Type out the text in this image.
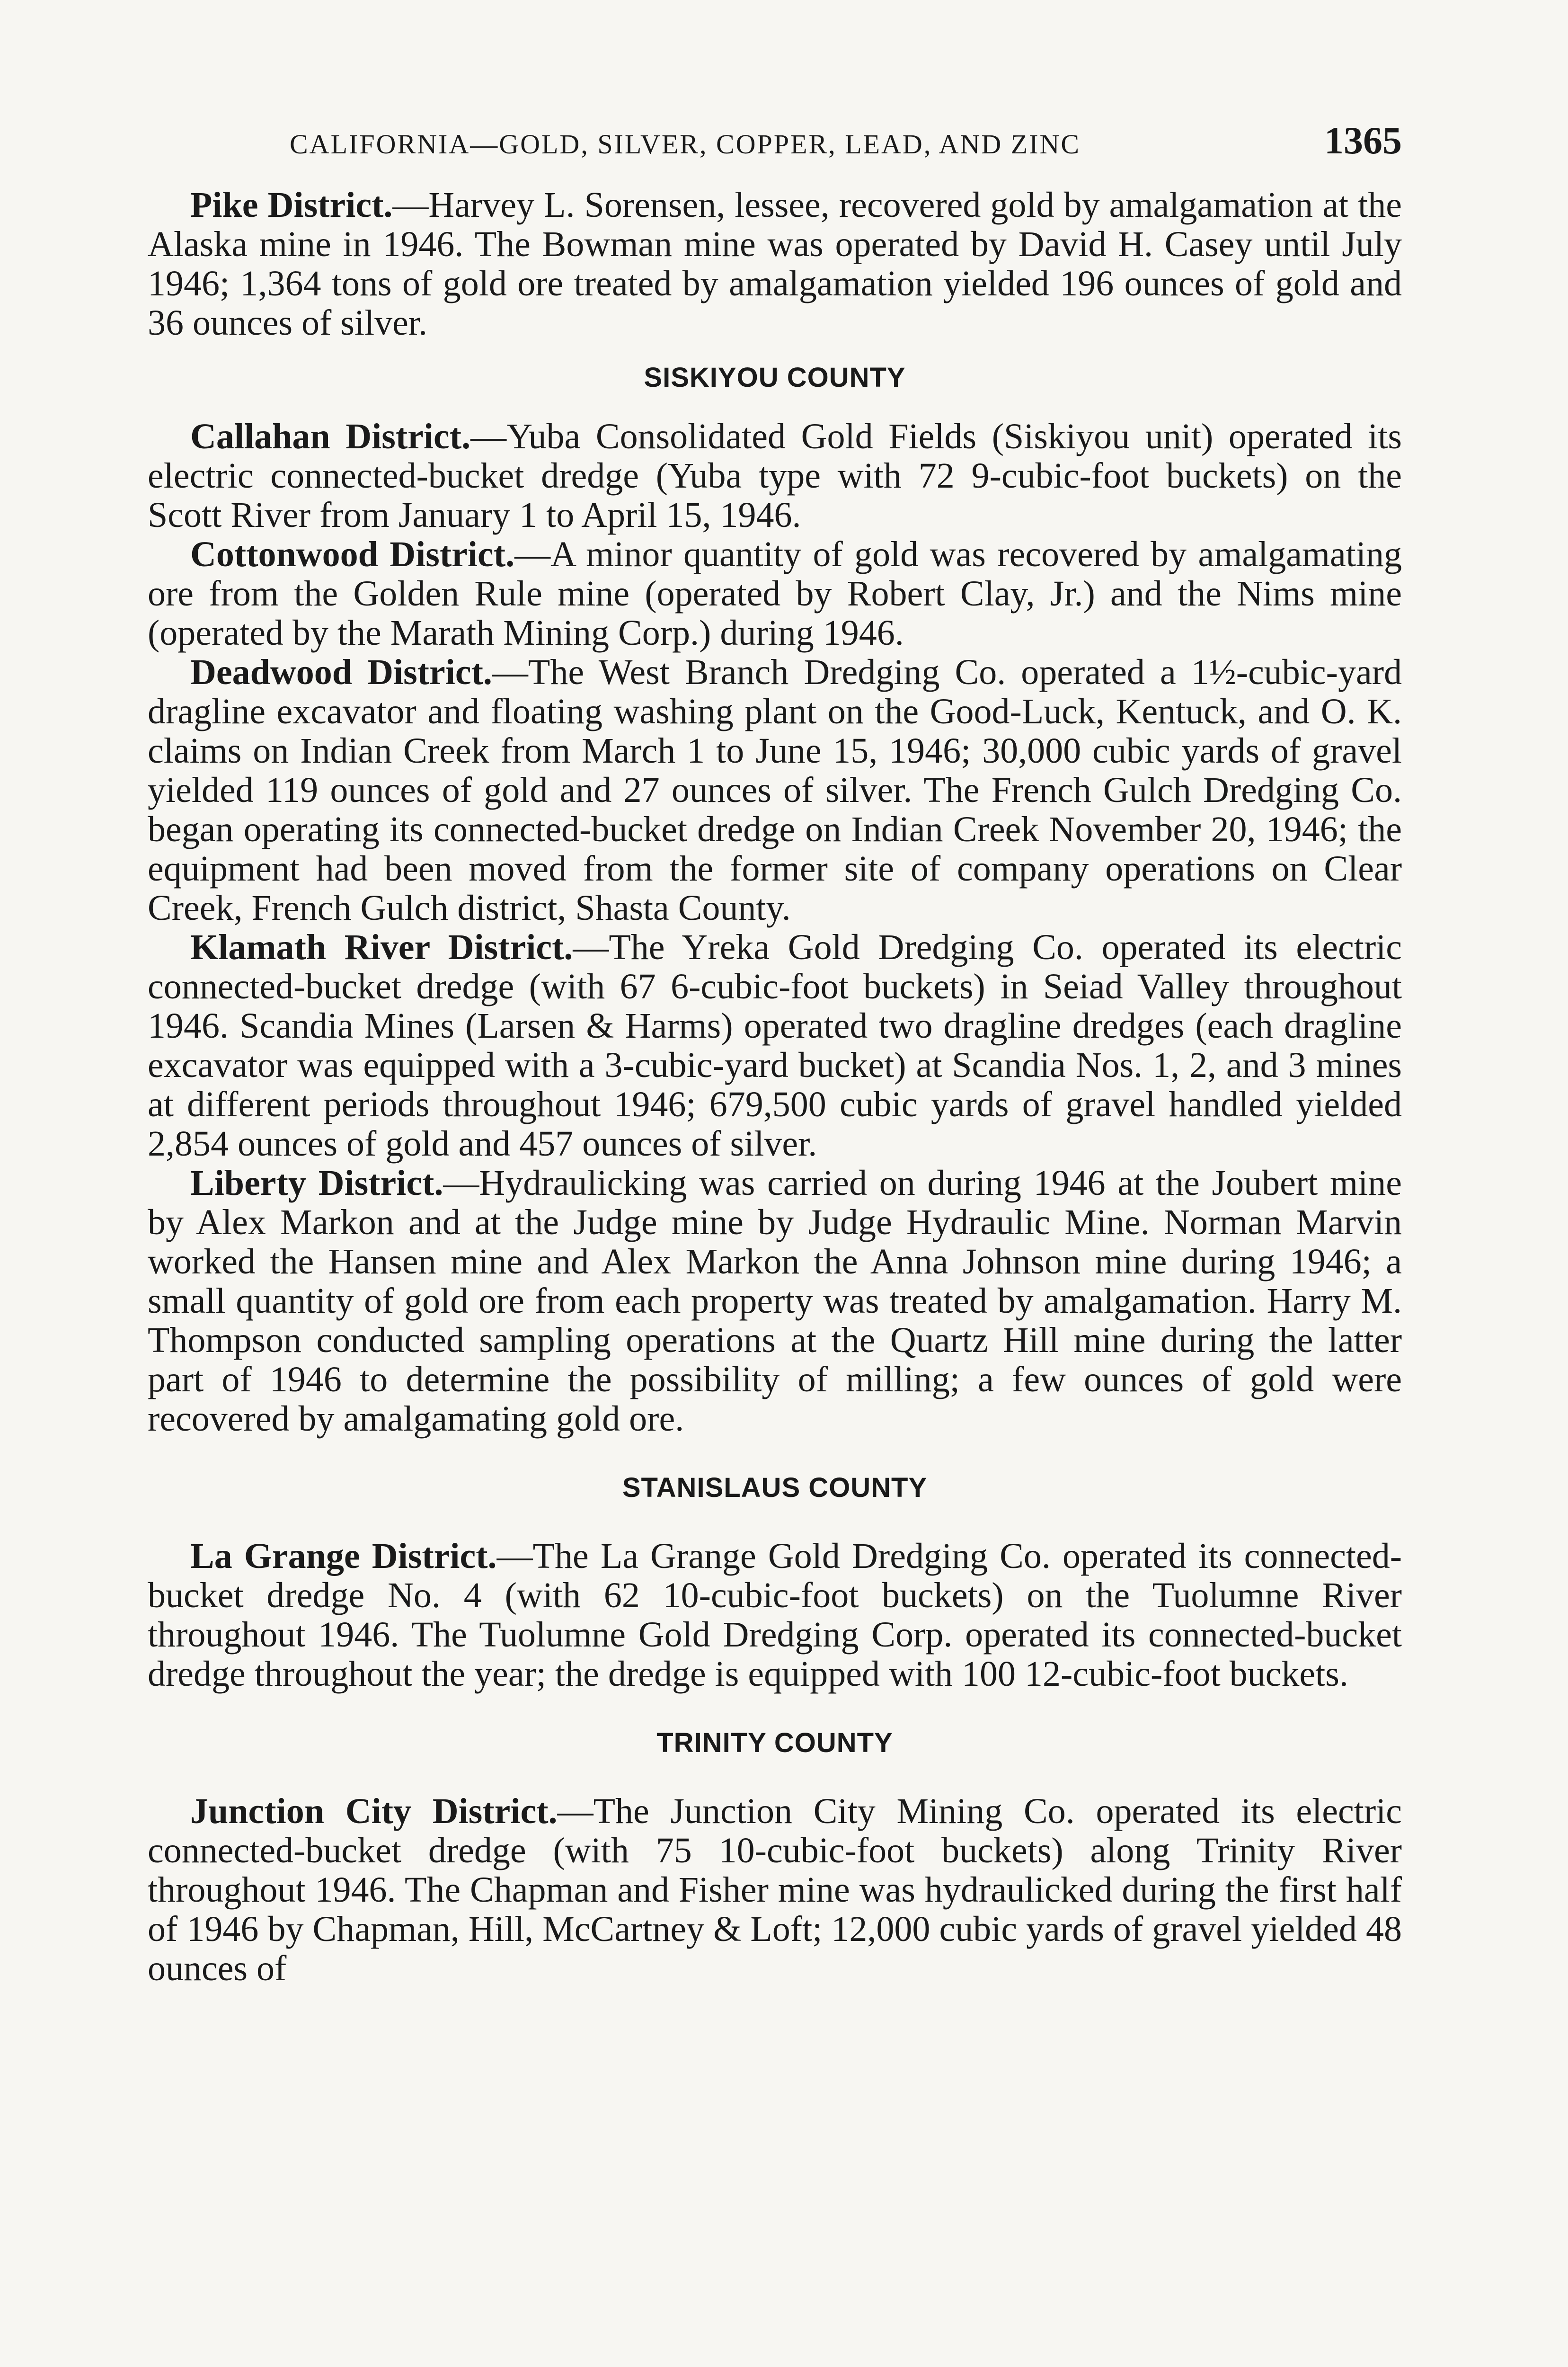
CALIFORNIA—GOLD, SILVER, COPPER, LEAD, AND ZINC	1365

Pike District.—Harvey L. Sorensen, lessee, recovered gold by amalgamation at the Alaska mine in 1946. The Bowman mine was operated by David H. Casey until July 1946; 1,364 tons of gold ore treated by amalgamation yielded 196 ounces of gold and 36 ounces of silver.

SISKIYOU COUNTY

Callahan District.—Yuba Consolidated Gold Fields (Siskiyou unit) operated its electric connected-bucket dredge (Yuba type with 72 9-cubic-foot buckets) on the Scott River from January 1 to April 15, 1946.

Cottonwood District.—A minor quantity of gold was recovered by amalgamating ore from the Golden Rule mine (operated by Robert Clay, Jr.) and the Nims mine (operated by the Marath Mining Corp.) during 1946.

Deadwood District.—The West Branch Dredging Co. operated a 1½-cubic-yard dragline excavator and floating washing plant on the Good-Luck, Kentuck, and O. K. claims on Indian Creek from March 1 to June 15, 1946; 30,000 cubic yards of gravel yielded 119 ounces of gold and 27 ounces of silver. The French Gulch Dredging Co. began operating its connected-bucket dredge on Indian Creek November 20, 1946; the equipment had been moved from the former site of company operations on Clear Creek, French Gulch district, Shasta County.

Klamath River District.—The Yreka Gold Dredging Co. operated its electric connected-bucket dredge (with 67 6-cubic-foot buckets) in Seiad Valley throughout 1946. Scandia Mines (Larsen & Harms) operated two dragline dredges (each dragline excavator was equipped with a 3-cubic-yard bucket) at Scandia Nos. 1, 2, and 3 mines at different periods throughout 1946; 679,500 cubic yards of gravel handled yielded 2,854 ounces of gold and 457 ounces of silver.

Liberty District.—Hydraulicking was carried on during 1946 at the Joubert mine by Alex Markon and at the Judge mine by Judge Hydraulic Mine. Norman Marvin worked the Hansen mine and Alex Markon the Anna Johnson mine during 1946; a small quantity of gold ore from each property was treated by amalgamation. Harry M. Thompson conducted sampling operations at the Quartz Hill mine during the latter part of 1946 to determine the possibility of milling; a few ounces of gold were recovered by amalgamating gold ore.

STANISLAUS COUNTY

La Grange District.—The La Grange Gold Dredging Co. operated its connected-bucket dredge No. 4 (with 62 10-cubic-foot buckets) on the Tuolumne River throughout 1946. The Tuolumne Gold Dredging Corp. operated its connected-bucket dredge throughout the year; the dredge is equipped with 100 12-cubic-foot buckets.

TRINITY COUNTY

Junction City District.—The Junction City Mining Co. operated its electric connected-bucket dredge (with 75 10-cubic-foot buckets) along Trinity River throughout 1946. The Chapman and Fisher mine was hydraulicked during the first half of 1946 by Chapman, Hill, McCartney & Loft; 12,000 cubic yards of gravel yielded 48 ounces of
